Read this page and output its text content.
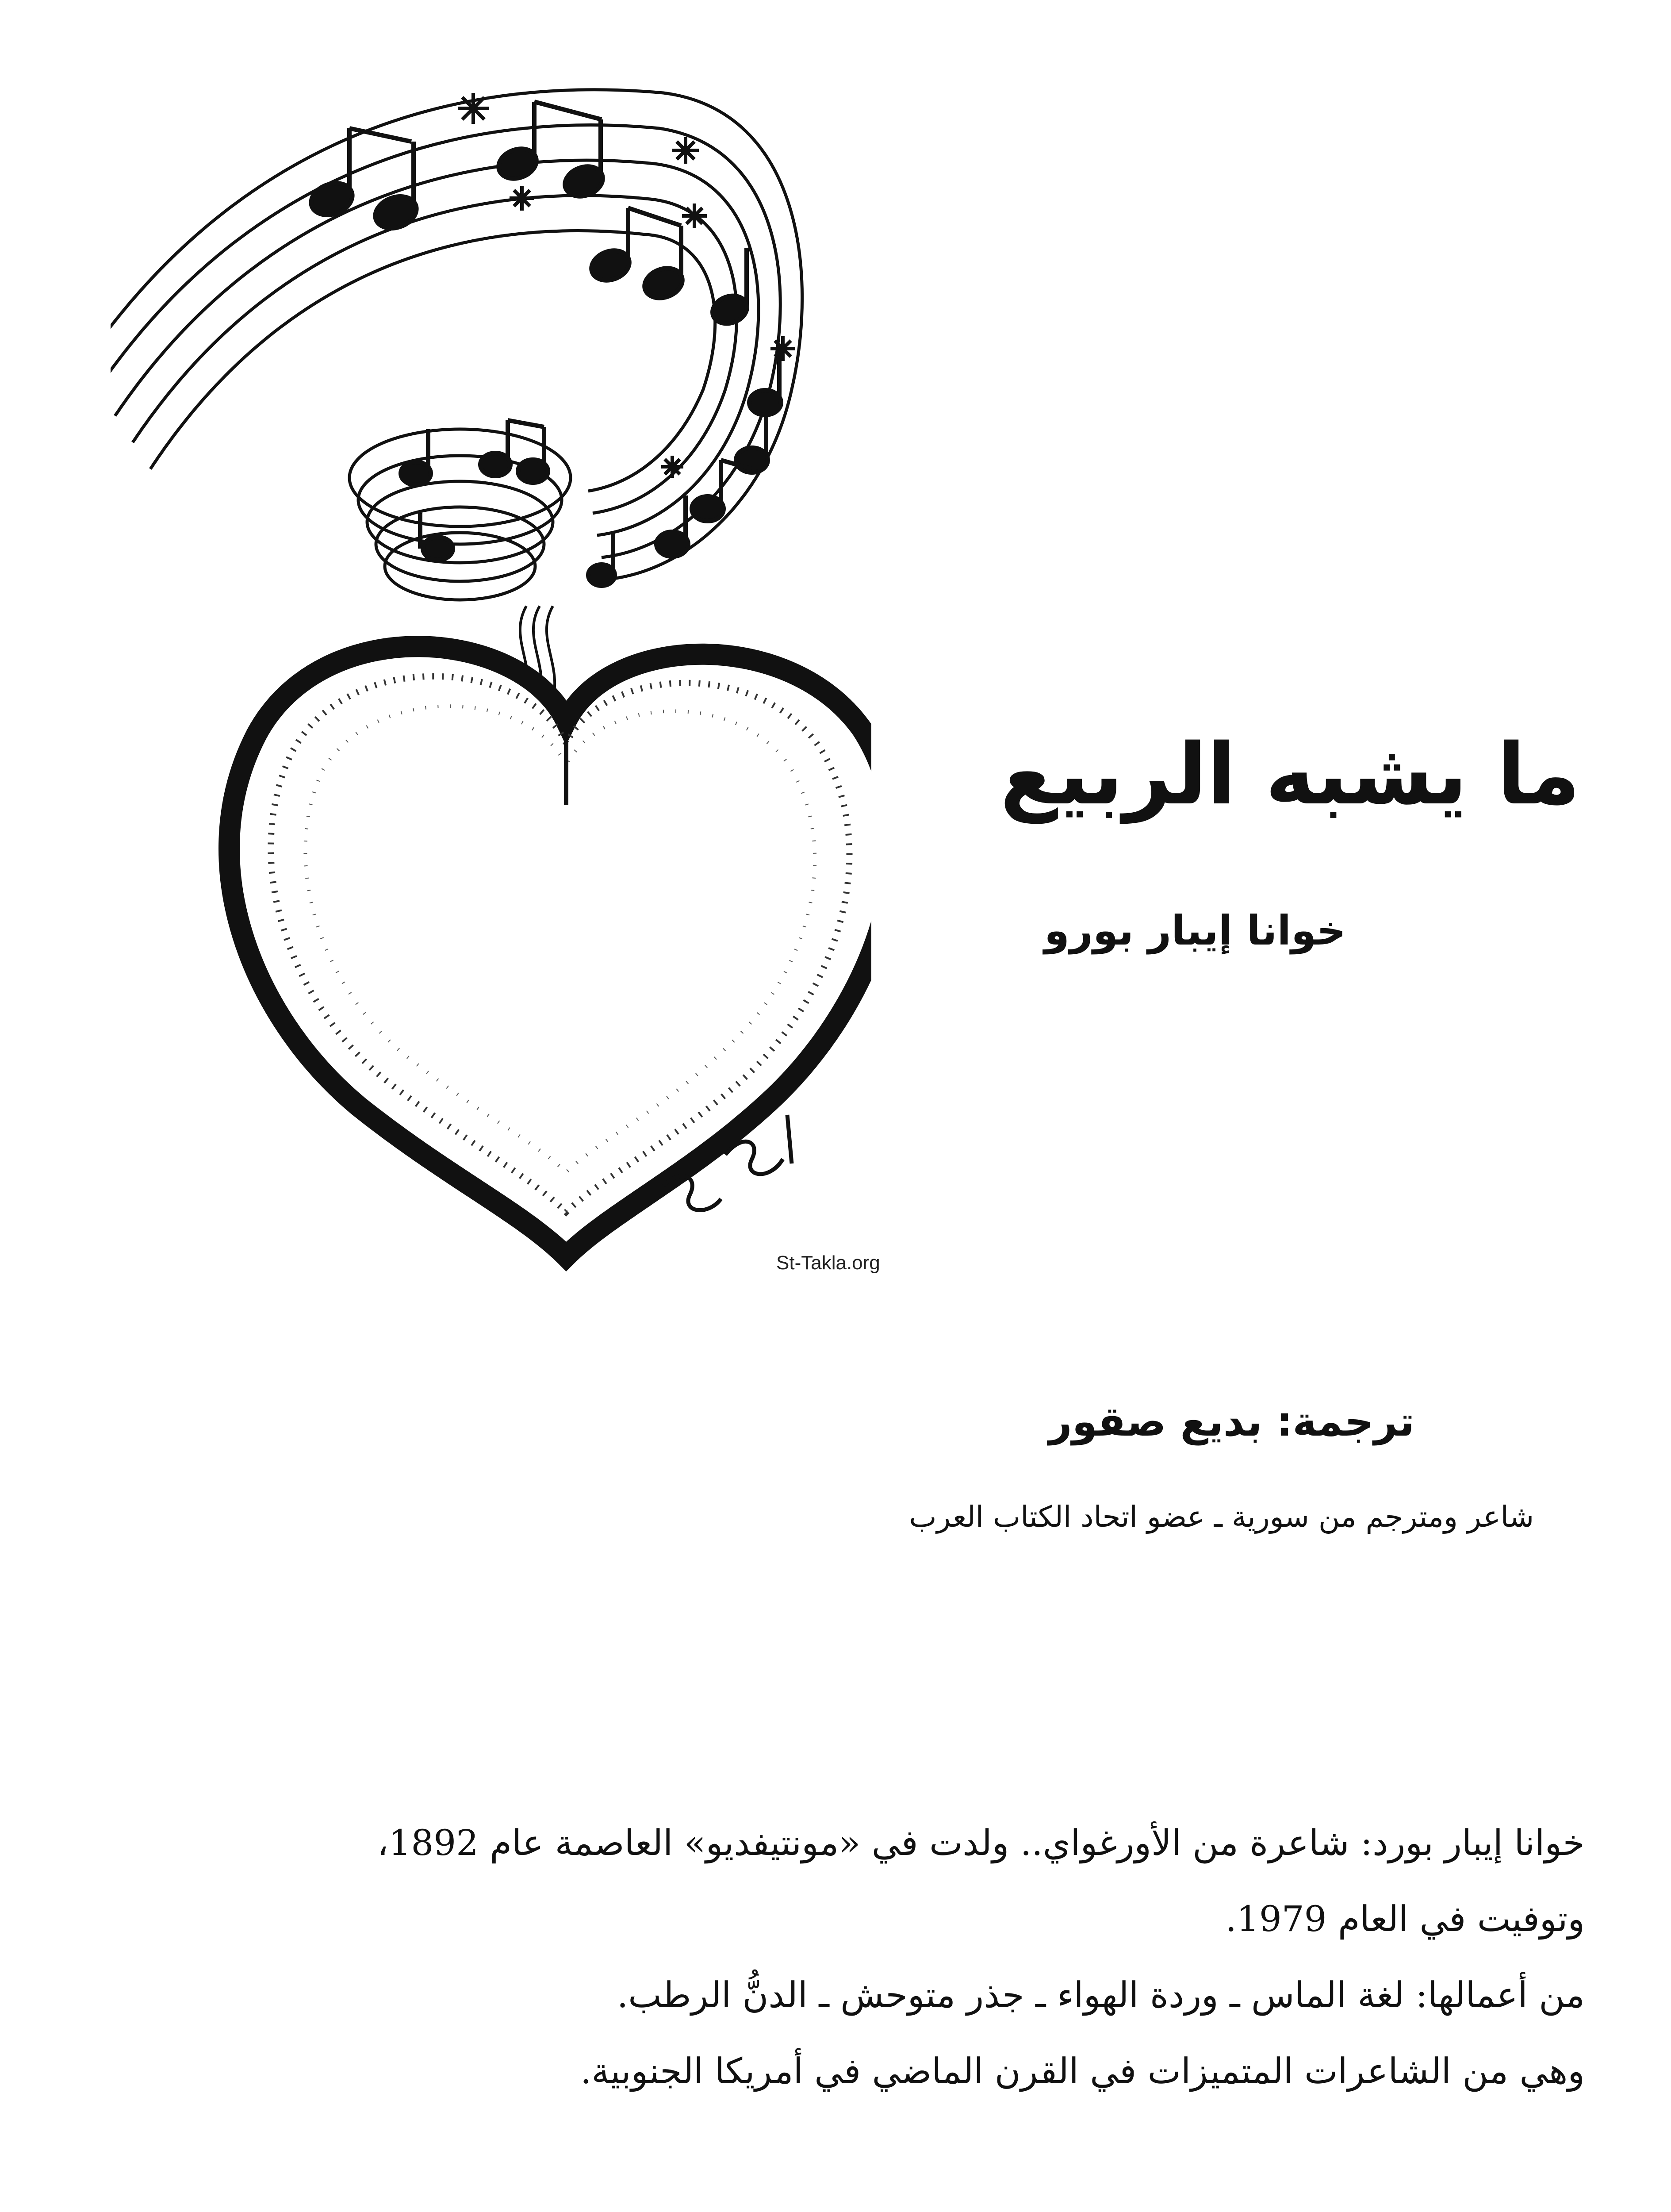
St-Takla.org
ما يشبه الربيع
خوانا إيبار بورو
ترجمة: بديع صقور
شاعر ومترجم من سورية ـ عضو اتحاد الكتاب العرب

خوانا إيبار بورد: شاعرة من الأورغواي.. ولدت في «مونتيفديو» العاصمة عام 1892،

وتوفيت في العام 1979.

من أعمالها: لغة الماس ـ وردة الهواء ـ جذر متوحش ـ الدنُّ الرطب.

وهي من الشاعرات المتميزات في القرن الماضي في أمريكا الجنوبية.
